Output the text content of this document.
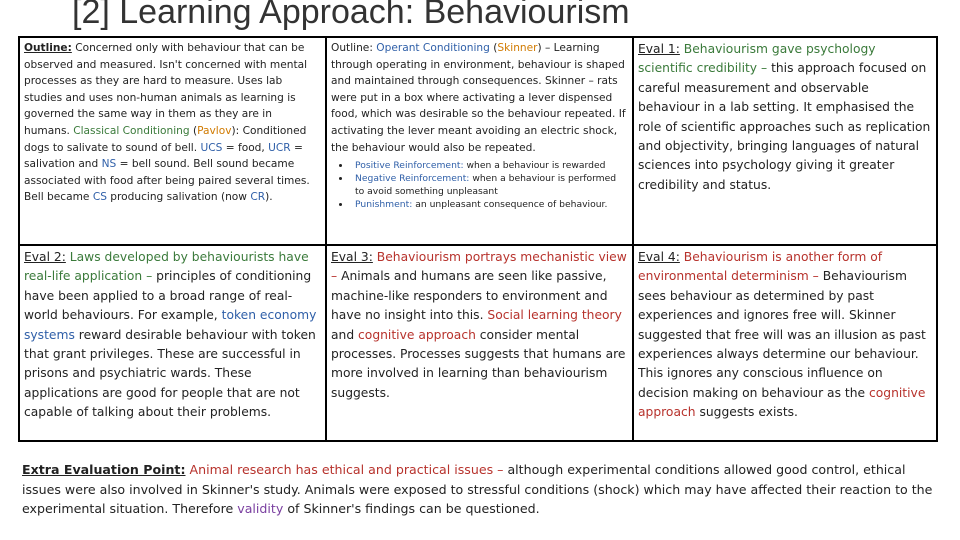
[2] Learning Approach: Behaviourism
Outline: Concerned only with behaviour that can be observed and measured. Isn't concerned with mental processes as they are hard to measure. Uses lab studies and uses non-human animals as learning is governed the same way in them as they are in humans. Classical Conditioning (Pavlov): Conditioned dogs to salivate to sound of bell. UCS = food, UCR = salivation and NS = bell sound. Bell sound became associated with food after being paired several times. Bell became CS producing salivation (now CR).
Outline: Operant Conditioning (Skinner) – Learning through operating in environment, behaviour is shaped and maintained through consequences. Skinner – rats were put in a box where activating a lever dispensed food, which was desirable so the behaviour repeated. If activating the lever meant avoiding an electric shock, the behaviour would also be repeated.
• Positive Reinforcement: when a behaviour is rewarded
• Negative Reinforcement: when a behaviour is performed to avoid something unpleasant
• Punishment: an unpleasant consequence of behaviour.
Eval 1: Behaviourism gave psychology scientific credibility – this approach focused on careful measurement and observable behaviour in a lab setting. It emphasised the role of scientific approaches such as replication and objectivity, bringing languages of natural sciences into psychology giving it greater credibility and status.
Eval 2: Laws developed by behaviourists have real-life application – principles of conditioning have been applied to a broad range of real-world behaviours. For example, token economy systems reward desirable behaviour with token that grant privileges. These are successful in prisons and psychiatric wards. These applications are good for people that are not capable of talking about their problems.
Eval 3: Behaviourism portrays mechanistic view – Animals and humans are seen like passive, machine-like responders to environment and have no insight into this. Social learning theory and cognitive approach consider mental processes. Processes suggests that humans are more involved in learning than behaviourism suggests.
Eval 4: Behaviourism is another form of environmental determinism – Behaviourism sees behaviour as determined by past experiences and ignores free will. Skinner suggested that free will was an illusion as past experiences always determine our behaviour. This ignores any conscious influence on decision making on behaviour as the cognitive approach suggests exists.
Extra Evaluation Point: Animal research has ethical and practical issues – although experimental conditions allowed good control, ethical issues were also involved in Skinner's study. Animals were exposed to stressful conditions (shock) which may have affected their reaction to the experimental situation. Therefore validity of Skinner's findings can be questioned.
